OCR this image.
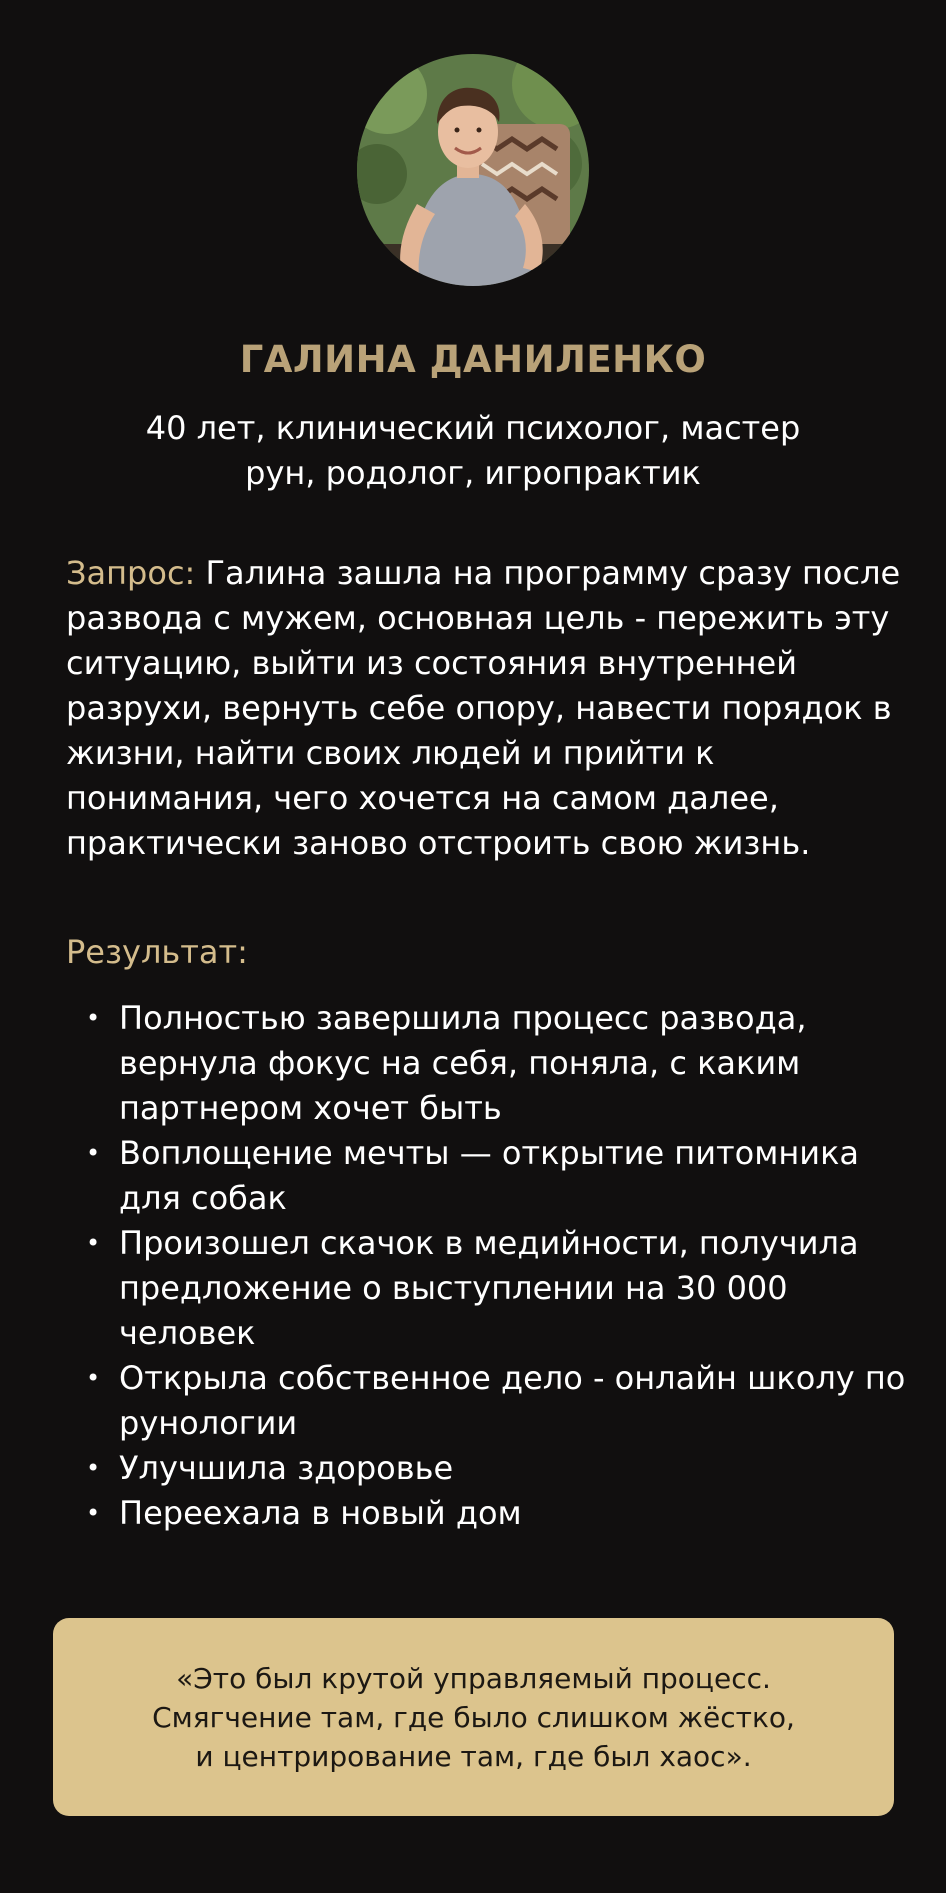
ГАЛИНА ДАНИЛЕНКО
40 лет, клинический психолог, мастер
рун, родолог, игропрактик
Запрос: Галина зашла на программу сразу после развода с мужем, основная цель - пережить эту ситуацию, выйти из состояния внутренней разрухи, вернуть себе опору, навести порядок в жизни, найти своих людей и прийти к понимания, чего хочется на самом далее, практически заново отстроить свою жизнь.
Результат:
• Полностью завершила процесс развода, вернула фокус на себя, поняла, с каким партнером хочет быть
• Воплощение мечты — открытие питомника для собак
• Произошел скачок в медийности, получила предложение о выступлении на 30 000 человек
• Открыла собственное дело - онлайн школу по рунологии
• Улучшила здоровье
• Переехала в новый дом
«Это был крутой управляемый процесс.
Смягчение там, где было слишком жёстко,
и центрирование там, где был хаос».
